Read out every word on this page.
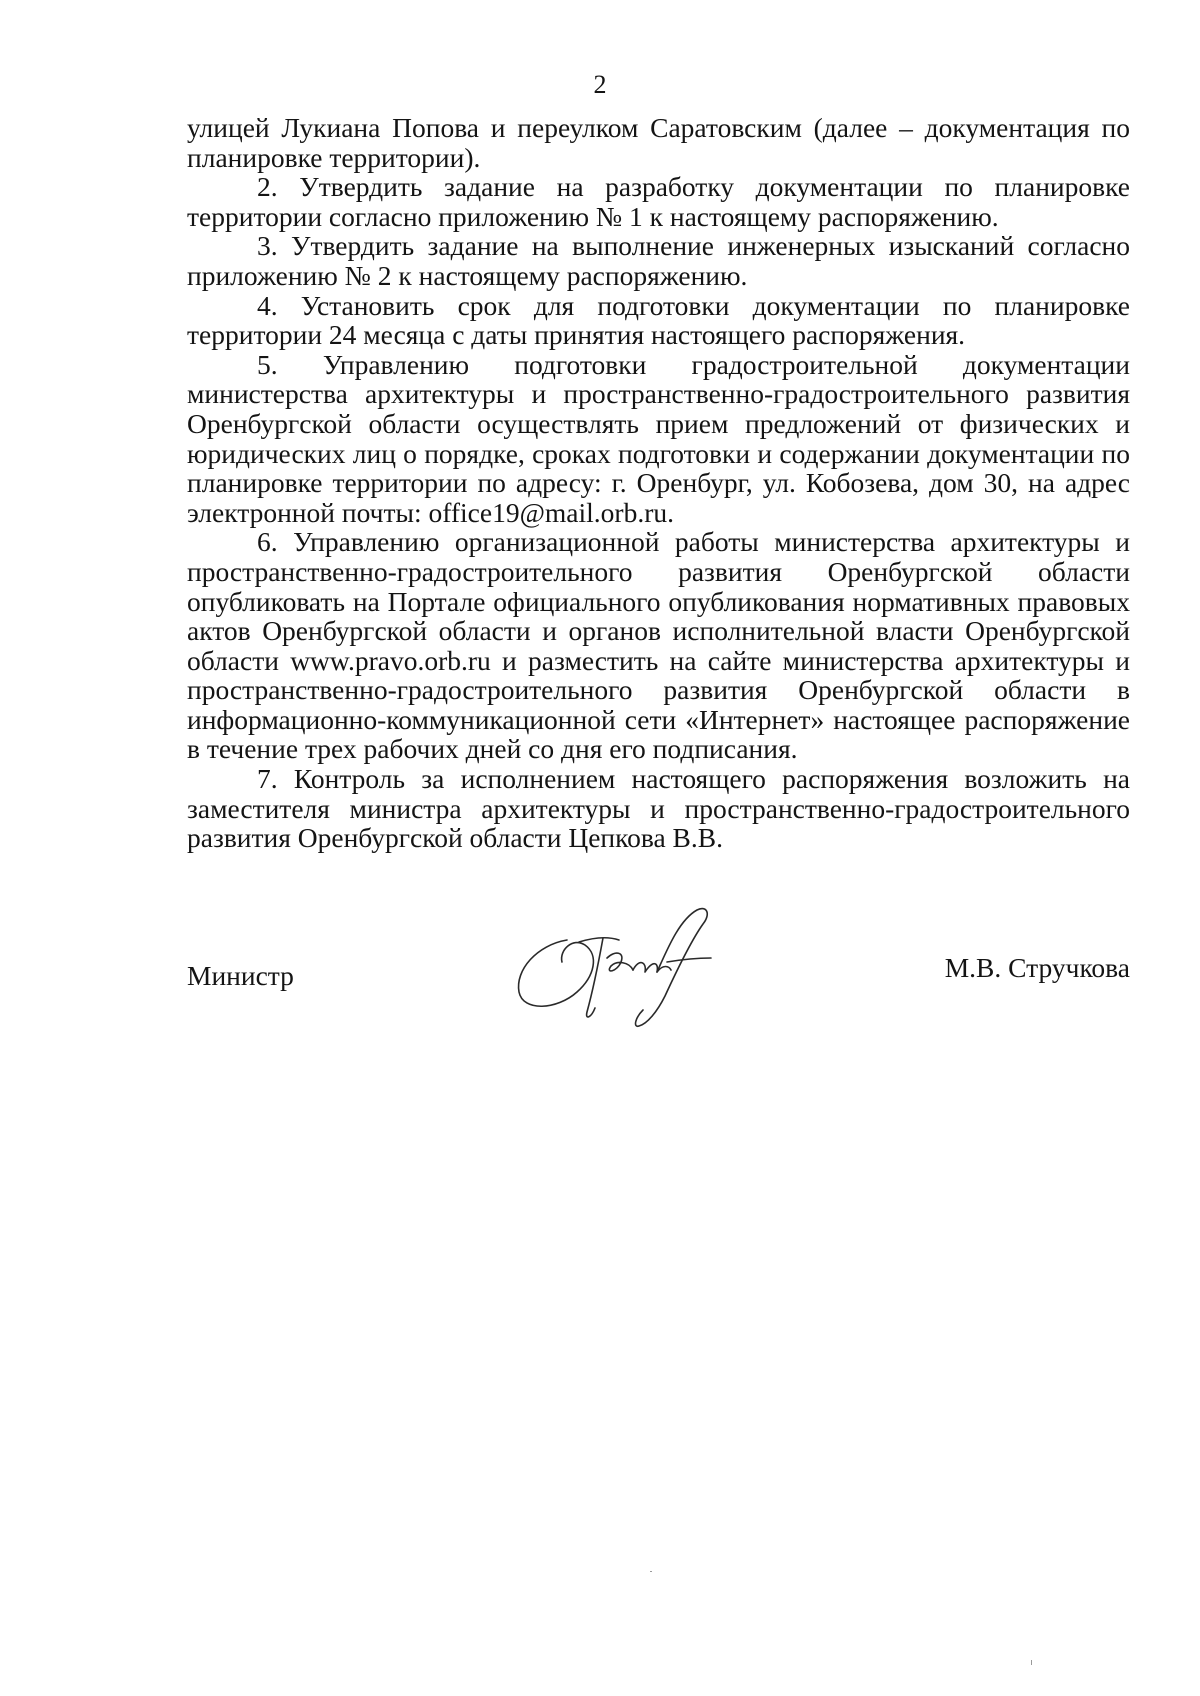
2

улицей Лукиана Попова и переулком Саратовским (далее – документация по планировке территории).

2. Утвердить задание на разработку документации по планировке территории согласно приложению № 1 к настоящему распоряжению.

3. Утвердить задание на выполнение инженерных изысканий согласно приложению № 2 к настоящему распоряжению.

4. Установить срок для подготовки документации по планировке территории 24 месяца с даты принятия настоящего распоряжения.

5. Управлению подготовки градостроительной документации министерства архитектуры и пространственно-градостроительного развития Оренбургской области осуществлять прием предложений от физических и юридических лиц о порядке, сроках подготовки и содержании документации по планировке территории по адресу: г. Оренбург, ул. Кобозева, дом 30, на адрес электронной почты: office19@mail.orb.ru.

6. Управлению организационной работы министерства архитектуры и пространственно-градостроительного развития Оренбургской области опубликовать на Портале официального опубликования нормативных правовых актов Оренбургской области и органов исполнительной власти Оренбургской области www.pravo.orb.ru и разместить на сайте министерства архитектуры и пространственно-градостроительного развития Оренбургской области в информационно-коммуникационной сети «Интернет» настоящее распоряжение в течение трех рабочих дней со дня его подписания.

7. Контроль за исполнением настоящего распоряжения возложить на заместителя министра архитектуры и пространственно-градостроительного развития Оренбургской области Цепкова В.В.

Министр	М.В. Стручкова
